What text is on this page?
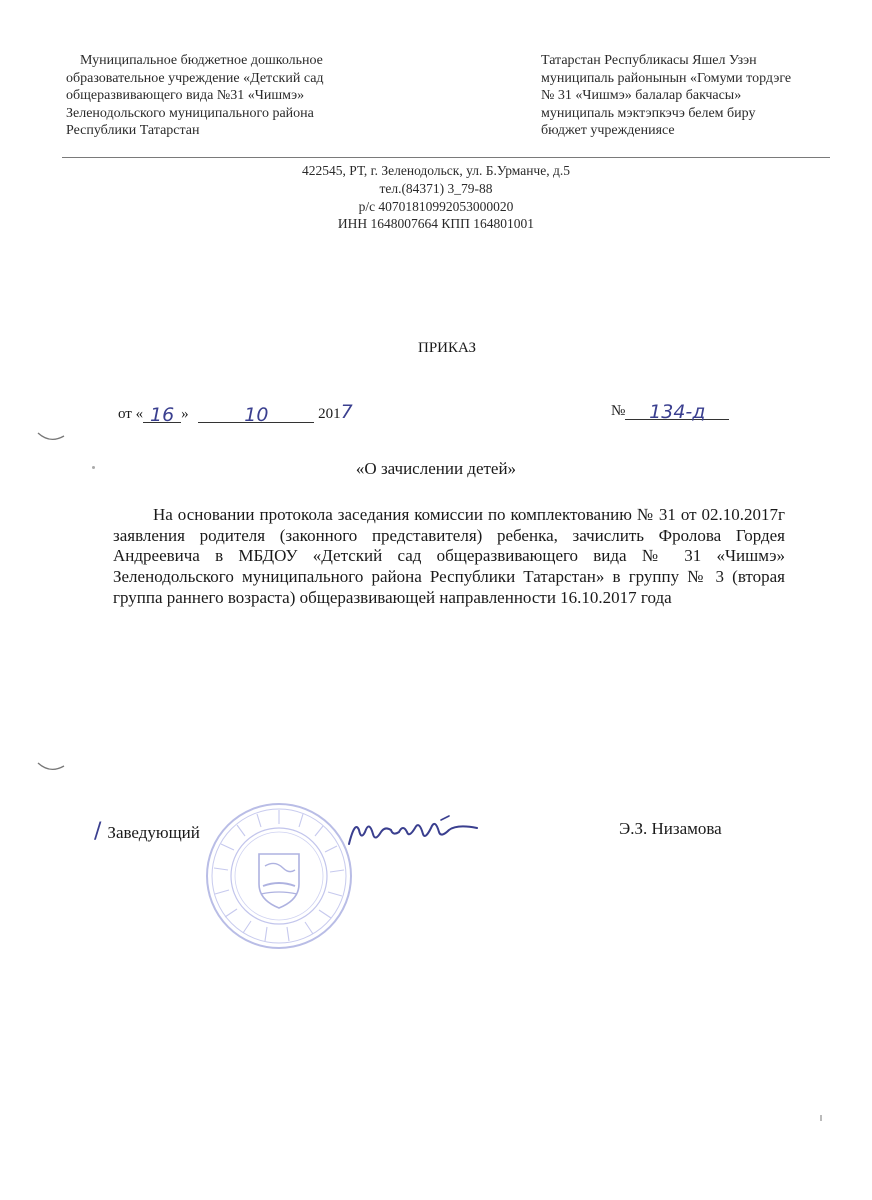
Муниципальное бюджетное дошкольное
образовательное учреждение «Детский сад
общеразвивающего вида №31 «Чишмэ»
Зеленодольского муниципального района
Республики Татарстан
Татарстан Республикасы Яшел Узэн
муниципаль районынын «Гомуми тордэге
№ 31 «Чишмэ» балалар бакчасы»
муниципаль мэктэпкэчэ белем биру
бюджет учреждениясе
422545, РТ, г. Зеленодольск, ул. Б.Урманче, д.5
тел.(84371) 3_79-88
р/с 40701810992053000020
ИНН 1648007664 КПП 164801001
ПРИКАЗ
от « 16 »	10	2017	№ 134-д
«О зачислении детей»

На основании протокола заседания комиссии по комплектованию № 31 от 02.10.2017г заявления родителя (законного представителя) ребенка, зачислить Фролова Гордея Андреевича в МБДОУ «Детский сад общеразвивающего вида № 31 «Чишмэ» Зеленодольского муниципального района Республики Татарстан» в группу № 3 (вторая группа раннего возраста) общеразвивающей направленности 16.10.2017 года

/ Заведующий	Э.З. Низамова
